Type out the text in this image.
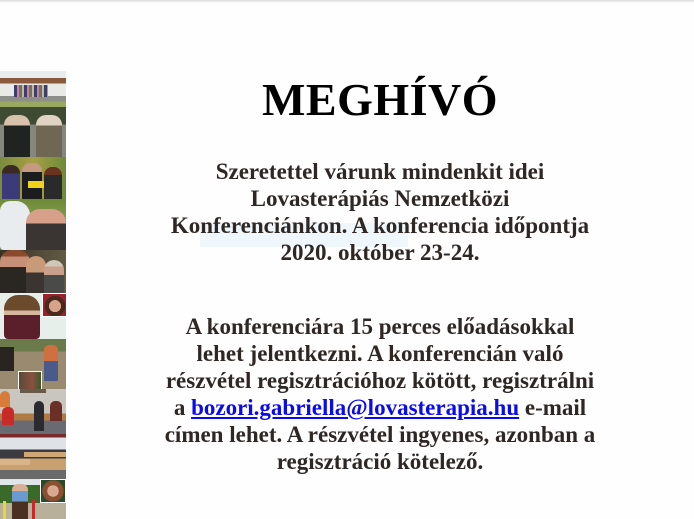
MEGHÍVÓ
Szeretettel várunk mindenkit idei
Lovasterápiás Nemzetközi
Konferenciánkon. A konferencia időpontja
2020. október 23-24.
A konferenciára 15 perces előadásokkal
lehet jelentkezni. A konferencián való
részvétel regisztrációhoz kötött, regisztrálni
a bozori.gabriella@lovasterapia.hu e-mail
címen lehet. A részvétel ingyenes, azonban a
regisztráció kötelező.
